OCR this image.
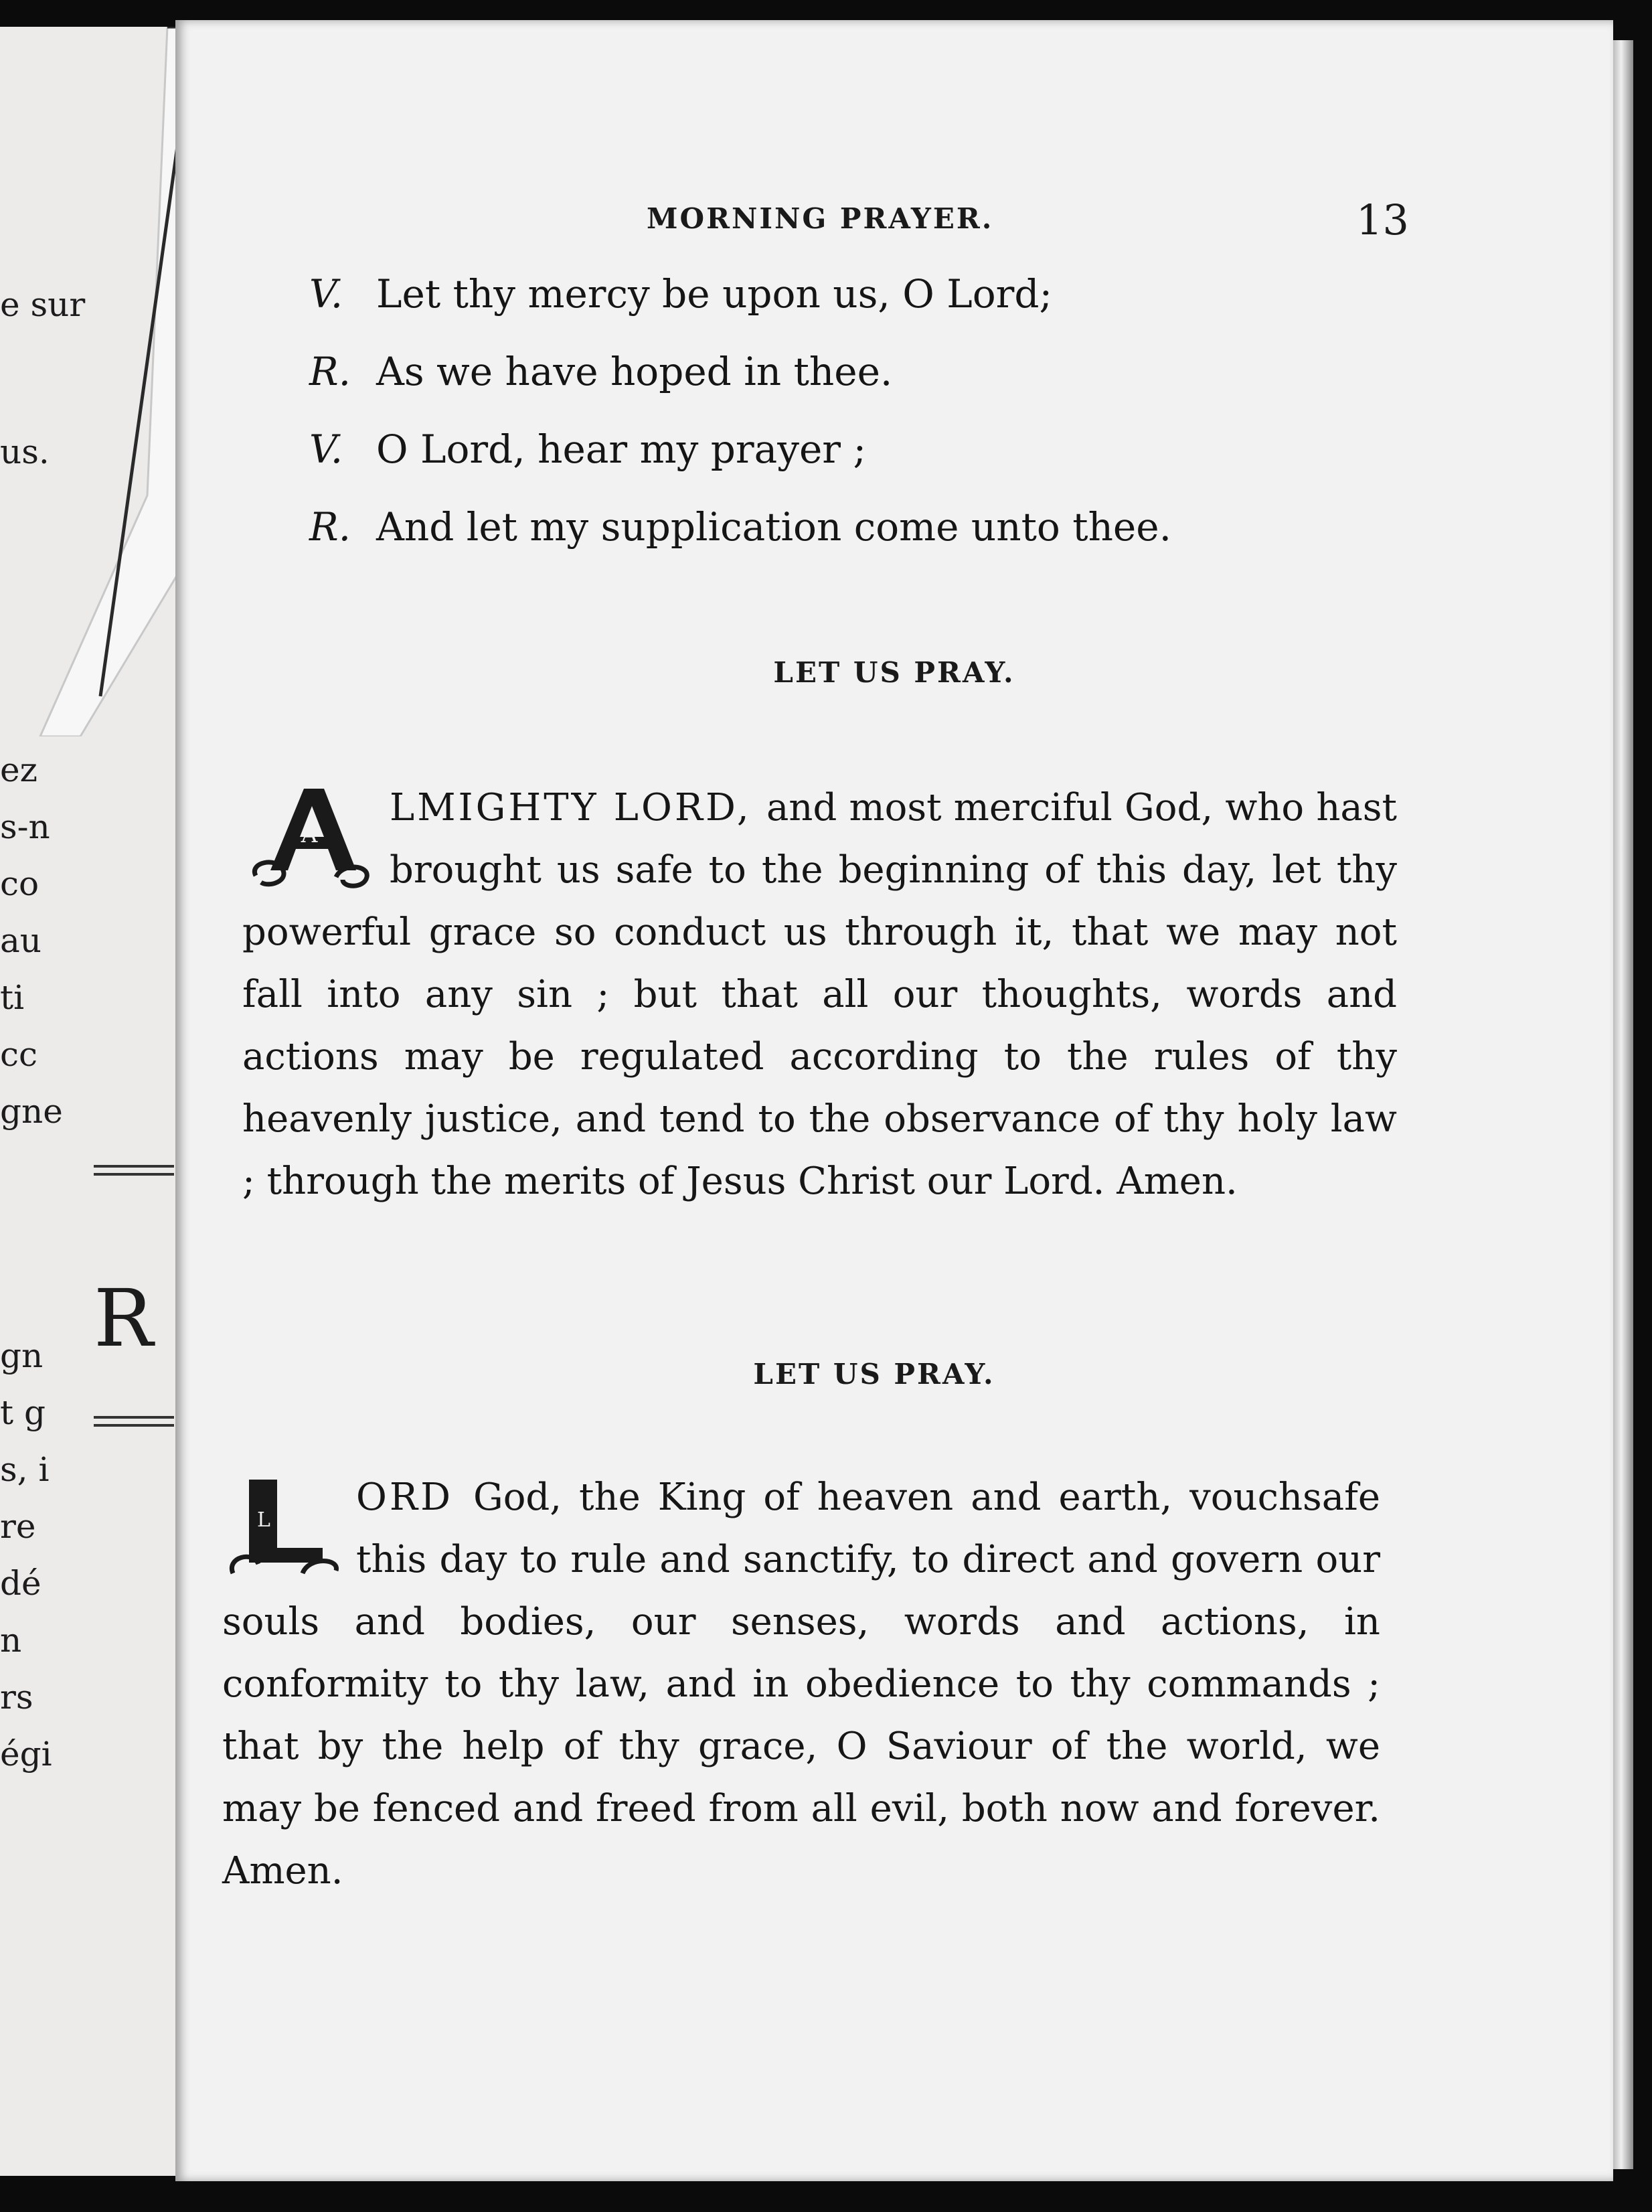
e sur
us.
ez
s-n
co
au
ti
cc
gne
R
gn
t g
s, i
re
dé
n
rs
égi
MORNING PRAYER.	13
V. Let thy mercy be upon us, O Lord;
R. As we have hoped in thee.
V. O Lord, hear my prayer ;
R. And let my supplication come unto thee.
LET US PRAY.
A
LMIGHTY LORD, and most merciful God, who hast brought us safe to the beginning of this day, let thy powerful grace so conduct us through it, that we may not fall into any sin ; but that all our thoughts, words and actions may be regulated according to the rules of thy heavenly justice, and tend to the observance of thy holy law ; through the merits of Jesus Christ our Lord. Amen.
LET US PRAY.
L
ORD God, the King of heaven and earth, vouchsafe this day to rule and sanctify, to direct and govern our souls and bodies, our senses, words and actions, in conformity to thy law, and in obedience to thy commands ; that by the help of thy grace, O Saviour of the world, we may be fenced and freed from all evil, both now and forever. Amen.
